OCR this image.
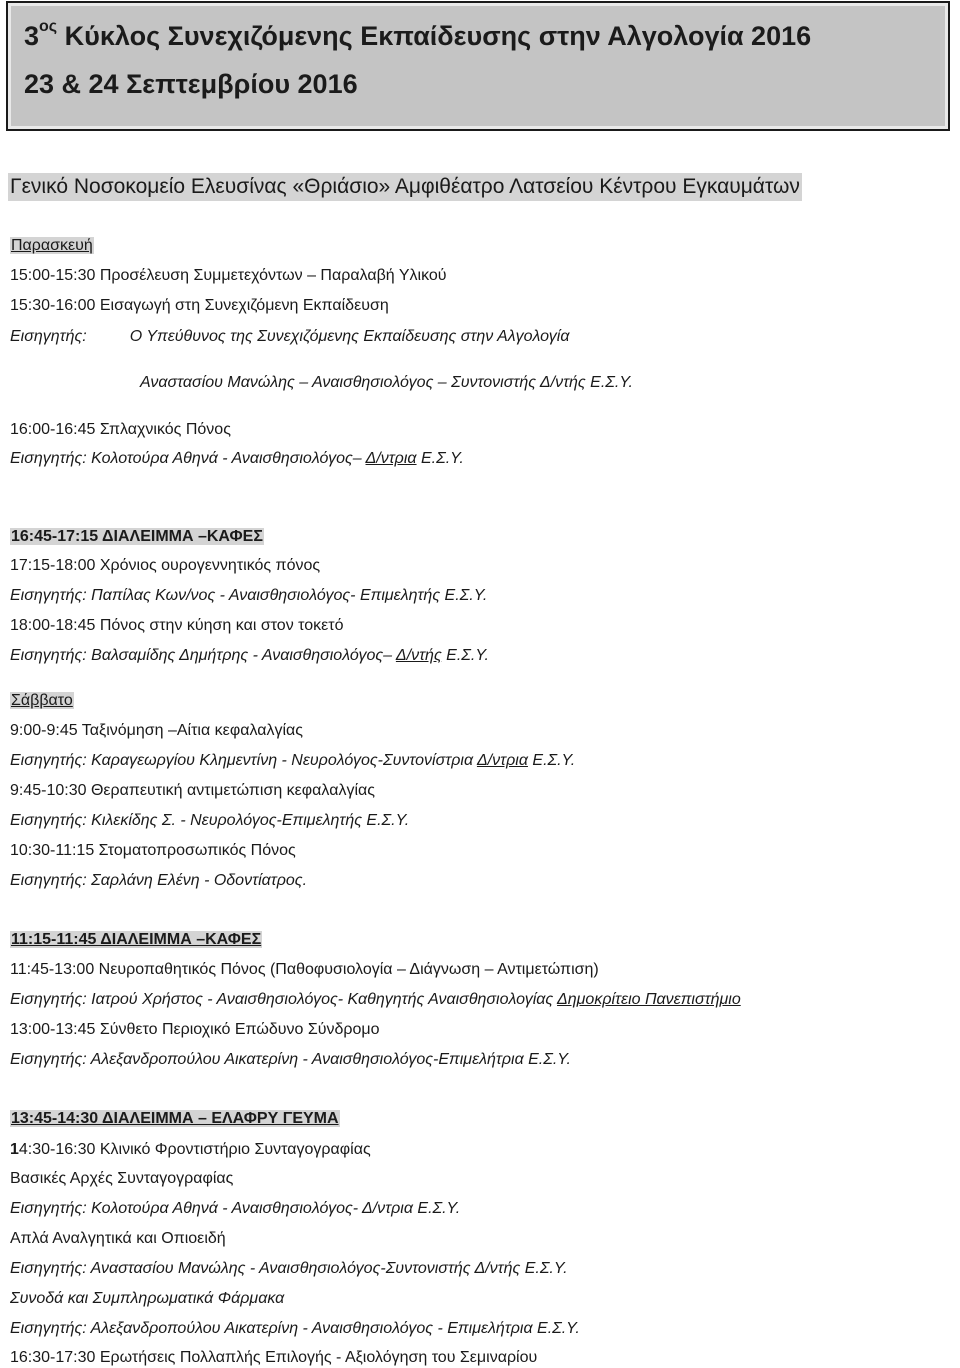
$3^{o\varsigma}$ Κύκλος Συνεχιζόμενης Εκπαίδευσης στην Αλγολογία 2016
23 & 24 Σεπτεμβρίου 2016
Γενικό Νοσοκομείο Ελευσίνας «Θριάσιο» Αμφιθέατρο Λατσείου Κέντρου Εγκαυμάτων
Παρασκευή
15:00-15:30 Προσέλευση Συμμετεχόντων – Παραλαβή Υλικού
15:30-16:00 Εισαγωγή στη Συνεχιζόμενη Εκπαίδευση
Εισηγητής:	Ο Υπεύθυνος της Συνεχιζόμενης Εκπαίδευσης στην Αλγολογία
Αναστασίου Μανώλης – Αναισθησιολόγος – Συντονιστής Δ/ντής Ε.Σ.Υ.
16:00-16:45 Σπλαχνικός Πόνος
Εισηγητής: Κολοτούρα Αθηνά - Αναισθησιολόγος– Δ/ντρια Ε.Σ.Υ.
16:45-17:15 ΔΙΑΛΕΙΜΜΑ –ΚΑΦΕΣ
17:15-18:00 Χρόνιος ουρογεννητικός πόνος
Εισηγητής: Παπίλας Κων/νος - Αναισθησιολόγος- Επιμελητής Ε.Σ.Υ.
18:00-18:45 Πόνος στην κύηση και στον τοκετό
Εισηγητής: Βαλσαμίδης Δημήτρης - Αναισθησιολόγος– Δ/ντής Ε.Σ.Υ.
Σάββατο
9:00-9:45 Ταξινόμηση –Αίτια κεφαλαλγίας
Εισηγητής: Καραγεωργίου Κλημεντίνη - Νευρολόγος-Συντονίστρια Δ/ντρια Ε.Σ.Υ.
9:45-10:30 Θεραπευτική αντιμετώπιση κεφαλαλγίας
Εισηγητής: Κιλεκίδης Σ. - Νευρολόγος-Επιμελητής Ε.Σ.Υ.
10:30-11:15 Στοματοπροσωπικός Πόνος
Εισηγητής: Σαρλάνη Ελένη - Οδοντίατρος.
11:15-11:45 ΔΙΑΛΕΙΜΜΑ –ΚΑΦΕΣ
11:45-13:00 Νευροπαθητικός Πόνος (Παθοφυσιολογία – Διάγνωση – Αντιμετώπιση)
Εισηγητής: Ιατρού Χρήστος - Αναισθησιολόγος- Καθηγητής Αναισθησιολογίας Δημοκρίτειο Πανεπιστήμιο
13:00-13:45 Σύνθετο Περιοχικό Επώδυνο Σύνδρομο
Εισηγητής: Αλεξανδροπούλου Αικατερίνη - Αναισθησιολόγος-Επιμελήτρια Ε.Σ.Υ.
13:45-14:30 ΔΙΑΛΕΙΜΜΑ – ΕΛΑΦΡΥ ΓΕΥΜΑ
14:30-16:30 Κλινικό Φροντιστήριο Συνταγογραφίας
Βασικές Αρχές Συνταγογραφίας
Εισηγητής: Κολοτούρα Αθηνά - Αναισθησιολόγος- Δ/ντρια Ε.Σ.Υ.
Απλά Αναλγητικά και Οπιοειδή
Εισηγητής: Αναστασίου Μανώλης - Αναισθησιολόγος-Συντονιστής Δ/ντής Ε.Σ.Υ.
Συνοδά και Συμπληρωματικά Φάρμακα
Εισηγητής: Αλεξανδροπούλου Αικατερίνη - Αναισθησιολόγος - Επιμελήτρια Ε.Σ.Υ.
16:30-17:30 Ερωτήσεις Πολλαπλής Επιλογής - Αξιολόγηση του Σεμιναρίου
